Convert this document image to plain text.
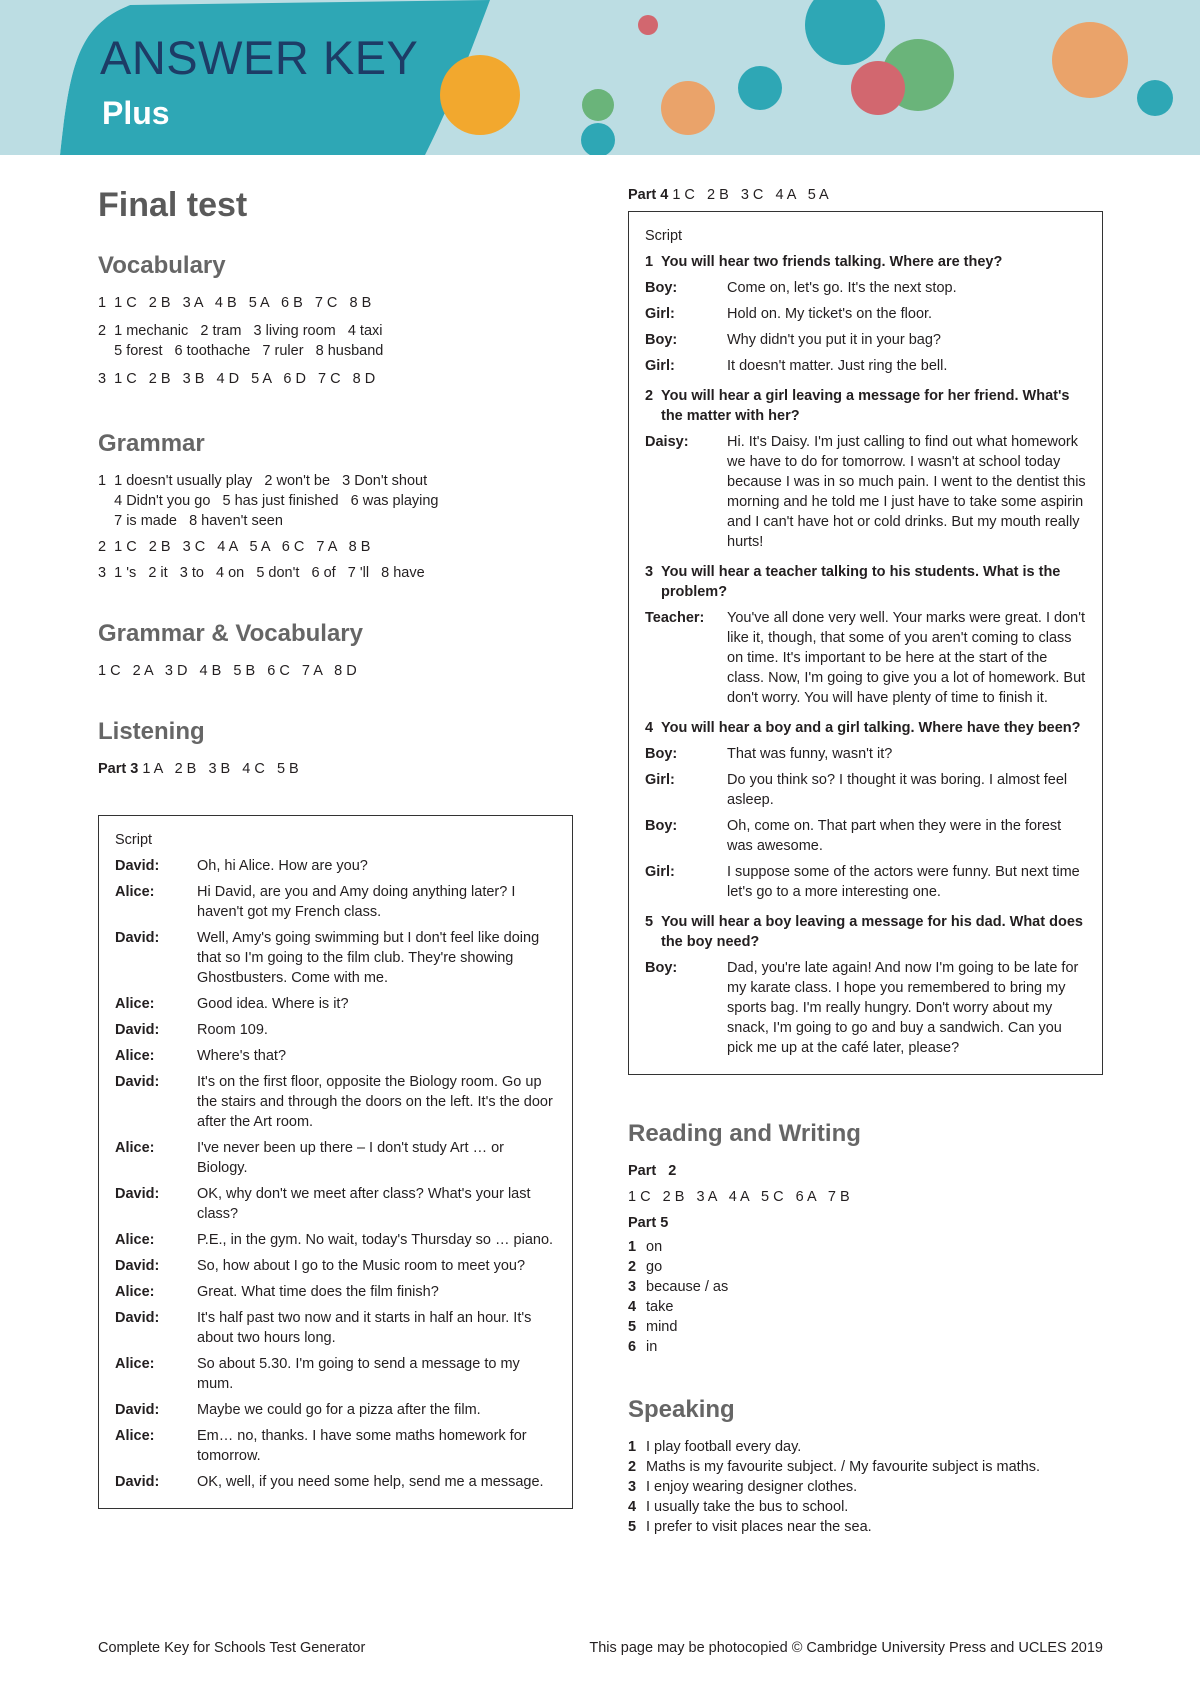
ANSWER KEY
Plus
Final test
Vocabulary
1  1 C   2 B   3 A   4 B   5 A   6 B   7 C   8 B
2  1 mechanic   2 tram   3 living room   4 taxi
5 forest   6 toothache   7 ruler   8 husband
3  1 C   2 B   3 B   4 D   5 A   6 D   7 C   8 D
Grammar
1  1 doesn't usually play   2 won't be   3 Don't shout
4 Didn't you go   5 has just finished   6 was playing
7 is made   8 haven't seen
2  1 C   2 B   3 C   4 A   5 A   6 C   7 A   8 B
3  1 's   2 it   3 to   4 on   5 don't   6 of   7 'll   8 have
Grammar & Vocabulary
1 C   2 A   3 D   4 B   5 B   6 C   7 A   8 D
Listening
Part 3 1 A   2 B   3 B   4 C   5 B
Script
David:	Oh, hi Alice. How are you?
Alice:	Hi David, are you and Amy doing anything later? I haven't got my French class.
David:	Well, Amy's going swimming but I don't feel like doing that so I'm going to the film club. They're showing Ghostbusters. Come with me.
Alice:	Good idea. Where is it?
David:	Room 109.
Alice:	Where's that?
David:	It's on the first floor, opposite the Biology room. Go up the stairs and through the doors on the left. It's the door after the Art room.
Alice:	I've never been up there – I don't study Art … or Biology.
David:	OK, why don't we meet after class? What's your last class?
Alice:	P.E., in the gym. No wait, today's Thursday so … piano.
David:	So, how about I go to the Music room to meet you?
Alice:	Great. What time does the film finish?
David:	It's half past two now and it starts in half an hour. It's about two hours long.
Alice:	So about 5.30. I'm going to send a message to my mum.
David:	Maybe we could go for a pizza after the film.
Alice:	Em… no, thanks. I have some maths homework for tomorrow.
David:	OK, well, if you need some help, send me a message.
Part 4 1 C   2 B   3 C   4 A   5 A
Script
1 You will hear two friends talking. Where are they?
Boy:	Come on, let's go. It's the next stop.
Girl:	Hold on. My ticket's on the floor.
Boy:	Why didn't you put it in your bag?
Girl:	It doesn't matter. Just ring the bell.
2 You will hear a girl leaving a message for her friend. What's the matter with her?
Daisy:	Hi. It's Daisy. I'm just calling to find out what homework we have to do for tomorrow. I wasn't at school today because I was in so much pain. I went to the dentist this morning and he told me I just have to take some aspirin and I can't have hot or cold drinks. But my mouth really hurts!
3 You will hear a teacher talking to his students. What is the problem?
Teacher:	You've all done very well. Your marks were great. I don't like it, though, that some of you aren't coming to class on time. It's important to be here at the start of the class. Now, I'm going to give you a lot of homework. But don't worry. You will have plenty of time to finish it.
4 You will hear a boy and a girl talking. Where have they been?
Boy:	That was funny, wasn't it?
Girl:	Do you think so? I thought it was boring. I almost feel asleep.
Boy:	Oh, come on. That part when they were in the forest was awesome.
Girl:	I suppose some of the actors were funny. But next time let's go to a more interesting one.
5 You will hear a boy leaving a message for his dad. What does the boy need?
Boy:	Dad, you're late again! And now I'm going to be late for my karate class. I hope you remembered to bring my sports bag. I'm really hungry. Don't worry about my snack, I'm going to go and buy a sandwich. Can you pick me up at the café later, please?
Reading and Writing
Part   2
1 C   2 B   3 A   4 A   5 C   6 A   7 B
Part 5
1 on
2 go
3 because / as
4 take
5 mind
6 in
Speaking
1 I play football every day.
2 Maths is my favourite subject. / My favourite subject is maths.
3 I enjoy wearing designer clothes.
4 I usually take the bus to school.
5 I prefer to visit places near the sea.
Complete Key for Schools Test Generator	This page may be photocopied © Cambridge University Press and UCLES 2019
